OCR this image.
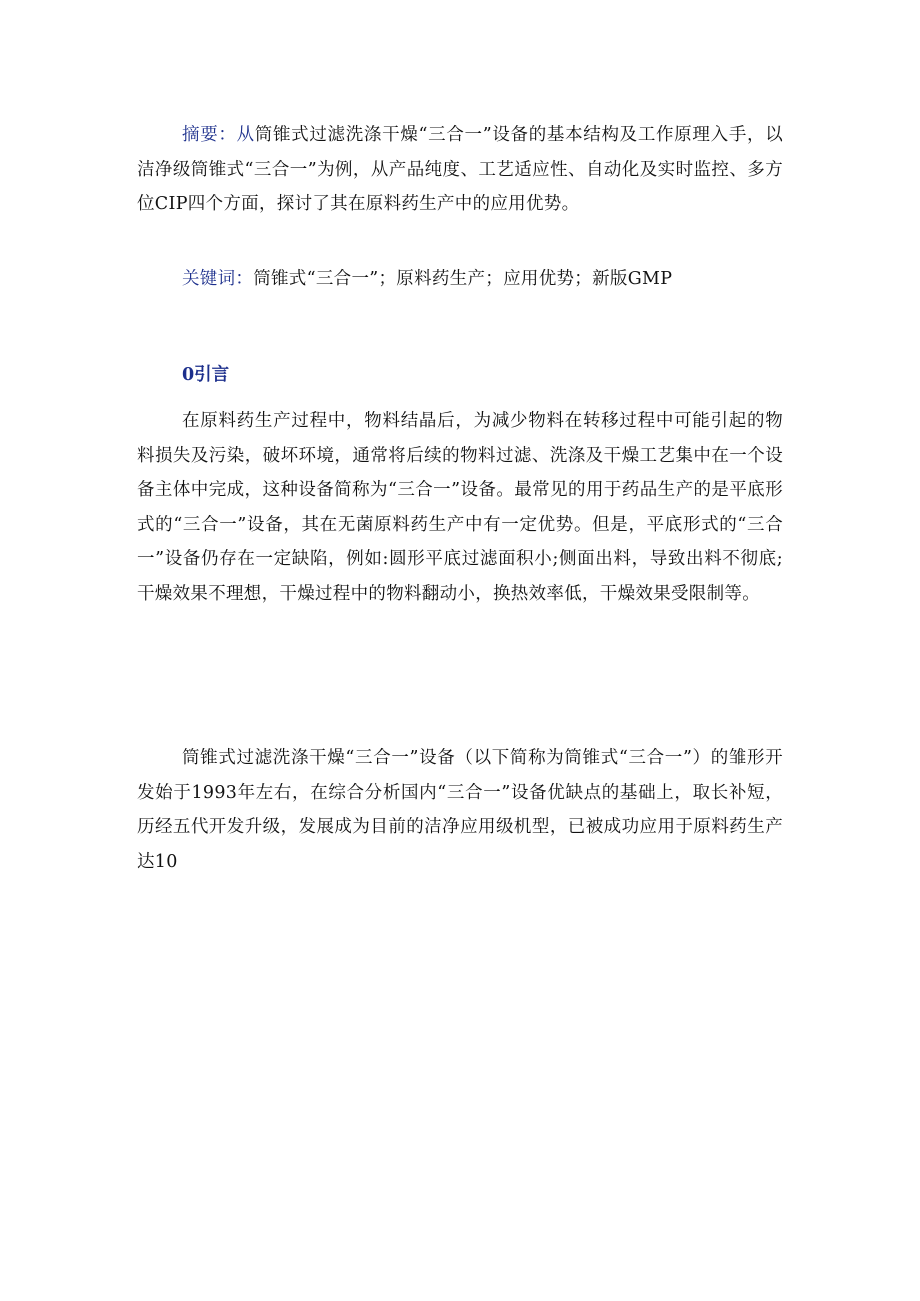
摘要：从筒锥式过滤洗涤干燥“三合一”设备的基本结构及工作原理入手，以洁净级筒锥式“三合一”为例，从产品纯度、工艺适应性、自动化及实时监控、多方位CIP四个方面，探讨了其在原料药生产中的应用优势。

关键词：筒锥式“三合一”；原料药生产；应用优势；新版GMP

0引言

在原料药生产过程中，物料结晶后，为减少物料在转移过程中可能引起的物料损失及污染，破坏环境，通常将后续的物料过滤、洗涤及干燥工艺集中在一个设备主体中完成，这种设备简称为“三合一”设备。最常见的用于药品生产的是平底形式的“三合一”设备，其在无菌原料药生产中有一定优势。但是，平底形式的“三合一”设备仍存在一定缺陷，例如:圆形平底过滤面积小;侧面出料，导致出料不彻底;干燥效果不理想，干燥过程中的物料翻动小，换热效率低，干燥效果受限制等。

筒锥式过滤洗涤干燥“三合一”设备（以下简称为筒锥式“三合一”）的雏形开发始于1993年左右，在综合分析国内“三合一”设备优缺点的基础上，取长补短，历经五代开发升级，发展成为目前的洁净应用级机型，已被成功应用于原料药生产达10
